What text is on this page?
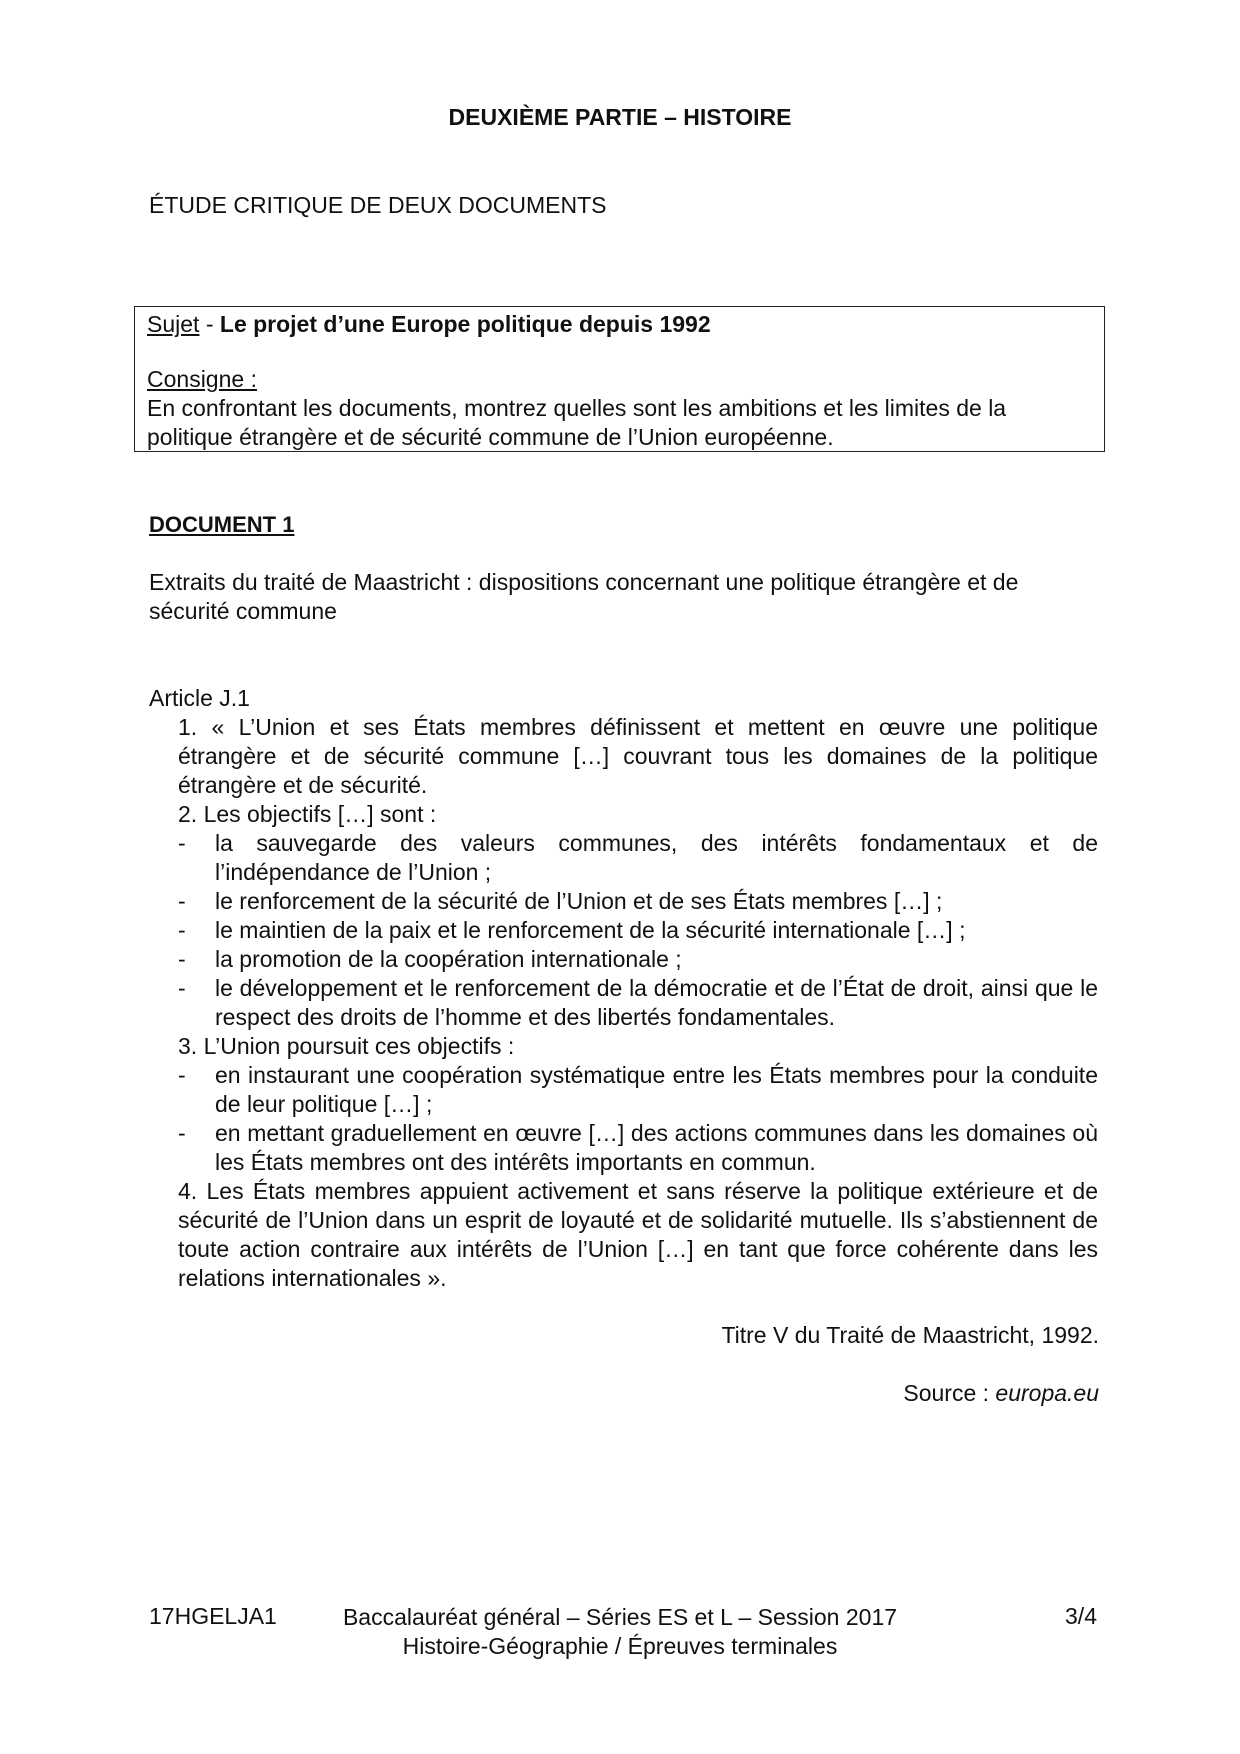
DEUXIÈME PARTIE – HISTOIRE
ÉTUDE CRITIQUE DE DEUX DOCUMENTS
Sujet - Le projet d’une Europe politique depuis 1992
Consigne :
En confrontant les documents, montrez quelles sont les ambitions et les limites de la politique étrangère et de sécurité commune de l’Union européenne.
DOCUMENT 1
Extraits du traité de Maastricht : dispositions concernant une politique étrangère et de sécurité commune
Article J.1
1. « L’Union et ses États membres définissent et mettent en œuvre une politique étrangère et de sécurité commune […] couvrant tous les domaines de la politique étrangère et de sécurité.
2. Les objectifs […] sont :
- la sauvegarde des valeurs communes, des intérêts fondamentaux et de l’indépendance de l’Union ;
- le renforcement de la sécurité de l’Union et de ses États membres […] ;
- le maintien de la paix et le renforcement de la sécurité internationale […] ;
- la promotion de la coopération internationale ;
- le développement et le renforcement de la démocratie et de l’État de droit, ainsi que le respect des droits de l’homme et des libertés fondamentales.
3. L’Union poursuit ces objectifs :
- en instaurant une coopération systématique entre les États membres pour la conduite de leur politique […] ;
- en mettant graduellement en œuvre […] des actions communes dans les domaines où les États membres ont des intérêts importants en commun.
4. Les États membres appuient activement et sans réserve la politique extérieure et de sécurité de l’Union dans un esprit de loyauté et de solidarité mutuelle. Ils s’abstiennent de toute action contraire aux intérêts de l’Union […] en tant que force cohérente dans les relations internationales ».
Titre V du Traité de Maastricht, 1992.
Source : europa.eu
17HGELJA1	Baccalauréat général – Séries ES et L – Session 2017
Histoire-Géographie / Épreuves terminales
3/4
